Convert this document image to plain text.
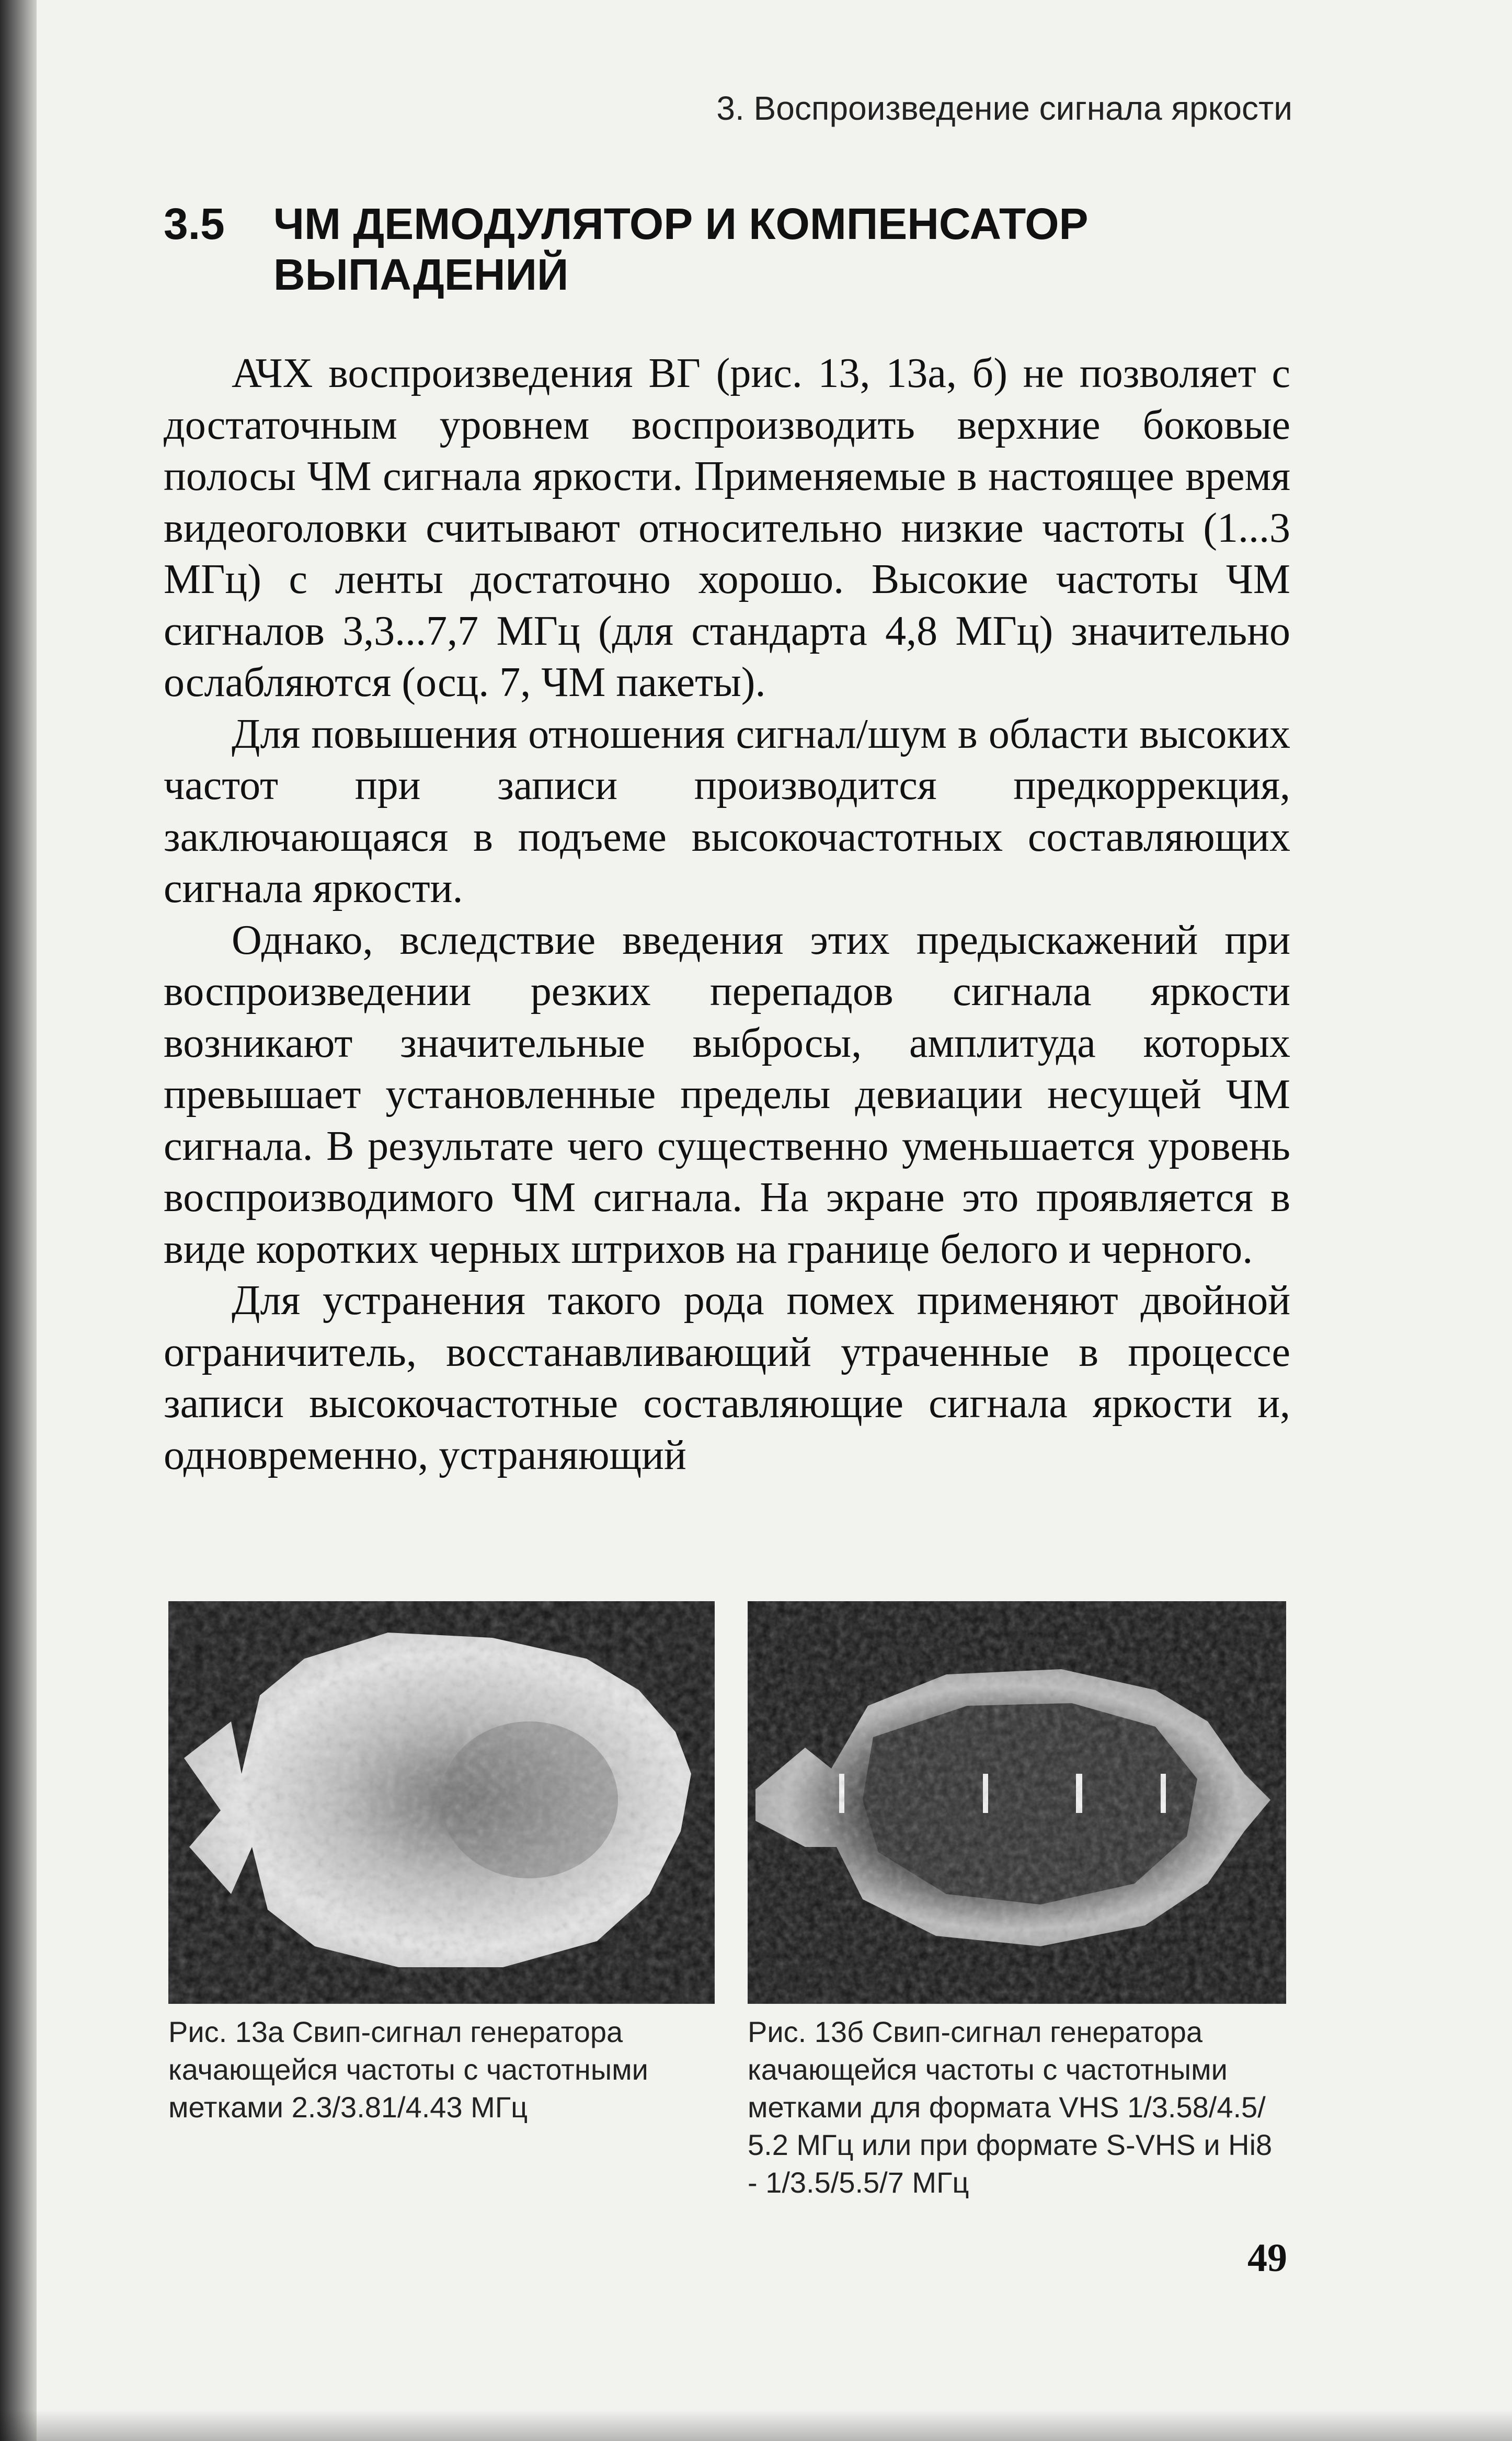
3. Воспроизведение сигнала яркости
3.5 ЧМ ДЕМОДУЛЯТОР И КОМПЕНСАТОР
ВЫПАДЕНИЙ

АЧХ воспроизведения ВГ (рис. 13, 13а, б) не позволяет с достаточным уровнем воспроизводить верхние боковые полосы ЧМ сигнала яркости. Применяемые в настоящее время видеоголовки считывают относительно низкие частоты (1...3 МГц) с ленты достаточно хорошо. Высокие частоты ЧМ сигналов 3,3...7,7 МГц (для стандарта 4,8 МГц) значительно ослабляются (осц. 7, ЧМ пакеты).

Для повышения отношения сигнал/шум в области высоких частот при записи производится предкоррекция, заключающаяся в подъеме высокочастотных составляющих сигнала яркости.

Однако, вследствие введения этих предыскажений при воспроизведении резких перепадов сигнала яркости возникают значительные выбросы, амплитуда которых превышает установленные пределы девиации несущей ЧМ сигнала. В результате чего существенно уменьшается уровень воспроизводимого ЧМ сигнала. На экране это проявляется в виде коротких черных штрихов на границе белого и черного.

Для устранения такого рода помех применяют двойной ограничитель, восстанавливающий утраченные в процессе записи высокочастотные составляющие сигнала яркости и, одновременно, устраняющий

Рис. 13а Свип-сигнал генератора качающейся частоты с частотными метками 2.3/3.81/4.43 МГц
Рис. 13б Свип-сигнал генератора качающейся частоты с частотными метками для формата VHS 1/3.58/4.5/ 5.2 МГц или при формате S-VHS и Hi8 - 1/3.5/5.5/7 МГц
49
